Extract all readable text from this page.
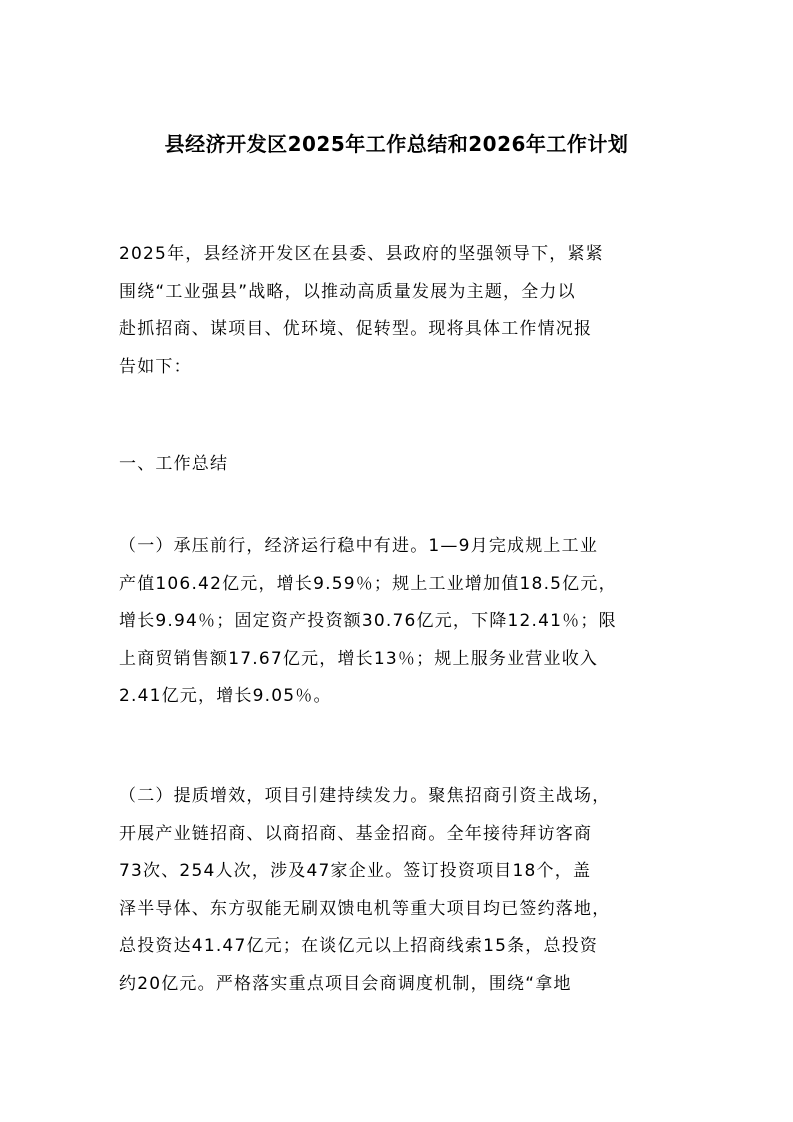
县经济开发区2025年工作总结和2026年工作计划
2025年，县经济开发区在县委、县政府的坚强领导下，紧紧
围绕“工业强县”战略，以推动高质量发展为主题，全力以
赴抓招商、谋项目、优环境、促转型。现将具体工作情况报
告如下：
一、工作总结
（一）承压前行，经济运行稳中有进。1—9月完成规上工业
产值106.42亿元，增长9.59％；规上工业增加值18.5亿元，
增长9.94％；固定资产投资额30.76亿元，下降12.41％；限
上商贸销售额17.67亿元，增长13％；规上服务业营业收入
2.41亿元，增长9.05％。
（二）提质增效，项目引建持续发力。聚焦招商引资主战场，
开展产业链招商、以商招商、基金招商。全年接待拜访客商
73次、254人次，涉及47家企业。签订投资项目18个，盖
泽半导体、东方驭能无刷双馈电机等重大项目均已签约落地，
总投资达41.47亿元；在谈亿元以上招商线索15条，总投资
约20亿元。严格落实重点项目会商调度机制，围绕“拿地
